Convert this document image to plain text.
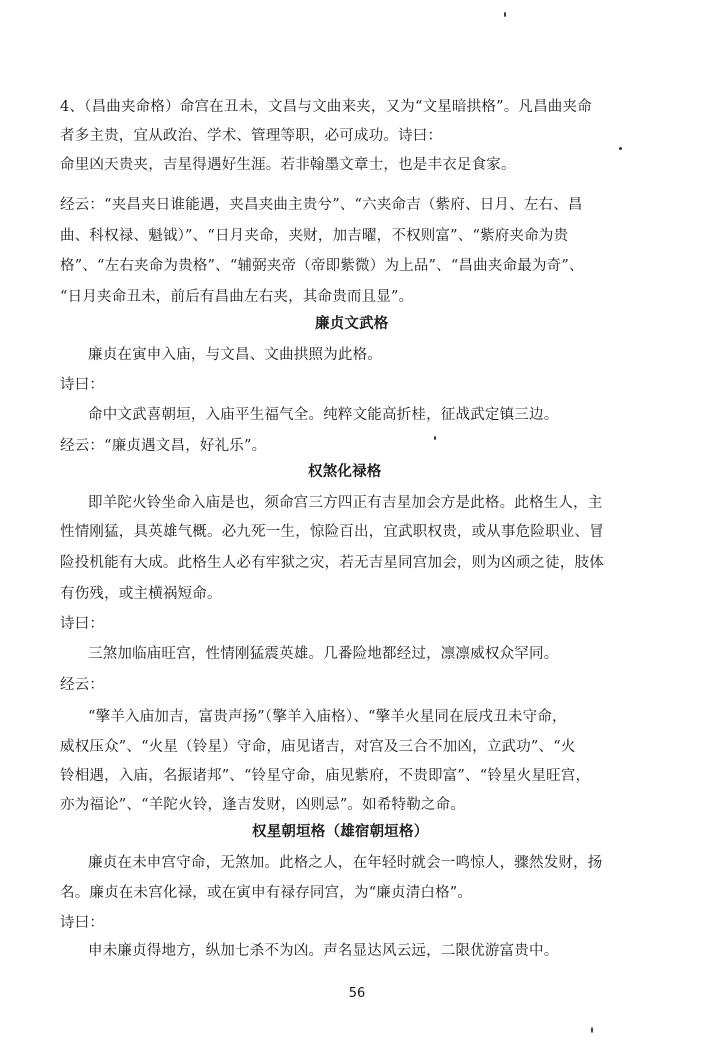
4、（昌曲夹命格）命宫在丑未，文昌与文曲来夹，又为“文星暗拱格”。凡昌曲夹命
者多主贵，宜从政治、学术、管理等职，必可成功。诗曰：
命里凶天贵夹，吉星得遇好生涯。若非翰墨文章士，也是丰衣足食家。
经云：“夹昌夹日谁能遇，夹昌夹曲主贵兮”、“六夹命吉（紫府、日月、左右、昌
曲、科权禄、魁钺）”、“日月夹命，夹财，加吉曜，不权则富”、“紫府夹命为贵
格”、“左右夹命为贵格”、“辅弼夹帝（帝即紫微）为上品”、“昌曲夹命最为奇”、
“日月夹命丑未，前后有昌曲左右夹，其命贵而且显”。
廉贞文武格
廉贞在寅申入庙，与文昌、文曲拱照为此格。
诗曰：
命中文武喜朝垣，入庙平生福气全。纯粹文能高折桂，征战武定镇三边。
经云：“廉贞遇文昌，好礼乐”。
权煞化禄格
即羊陀火铃坐命入庙是也，须命宫三方四正有吉星加会方是此格。此格生人，主
性情刚猛，具英雄气概。必九死一生，惊险百出，宜武职权贵，或从事危险职业、冒
险投机能有大成。此格生人必有牢狱之灾，若无吉星同宫加会，则为凶顽之徒，肢体
有伤残，或主横祸短命。
诗曰：
三煞加临庙旺宫，性情刚猛震英雄。几番险地都经过，凛凛威权众罕同。
经云：
“擎羊入庙加吉，富贵声扬”（擎羊入庙格）、“擎羊火星同在辰戌丑未守命，
威权压众”、“火星（铃星）守命，庙见诸吉，对宫及三合不加凶，立武功”、“火
铃相遇，入庙，名振诸邦”、“铃星守命，庙见紫府，不贵即富”、“铃星火星旺宫，
亦为福论”、“羊陀火铃，逢吉发财，凶则忌”。如希特勒之命。
权星朝垣格（雄宿朝垣格）
廉贞在未申宫守命，无煞加。此格之人，在年轻时就会一鸣惊人，骤然发财，扬
名。廉贞在未宫化禄，或在寅申有禄存同宫，为“廉贞清白格”。
诗曰：
申未廉贞得地方，纵加七杀不为凶。声名显达风云远，二限优游富贵中。
56
